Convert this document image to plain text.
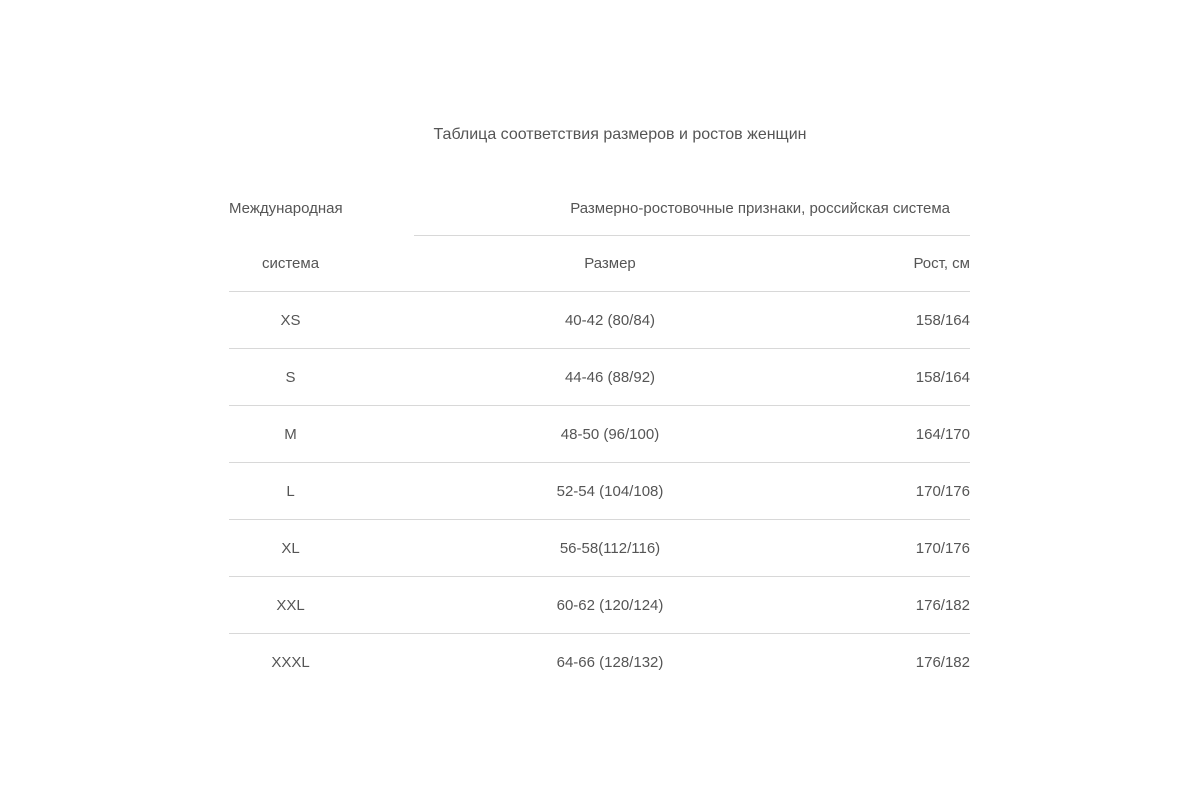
Таблица соответствия размеров и ростов женщин
Международная	Размерно-ростовочные признаки, российская система
система	Размер	Рост, см
XS	40-42 (80/84)	158/164
S	44-46 (88/92)	158/164
M	48-50 (96/100)	164/170
L	52-54 (104/108)	170/176
XL	56-58(112/116)	170/176
XXL	60-62 (120/124)	176/182
XXXL	64-66 (128/132)	176/182
